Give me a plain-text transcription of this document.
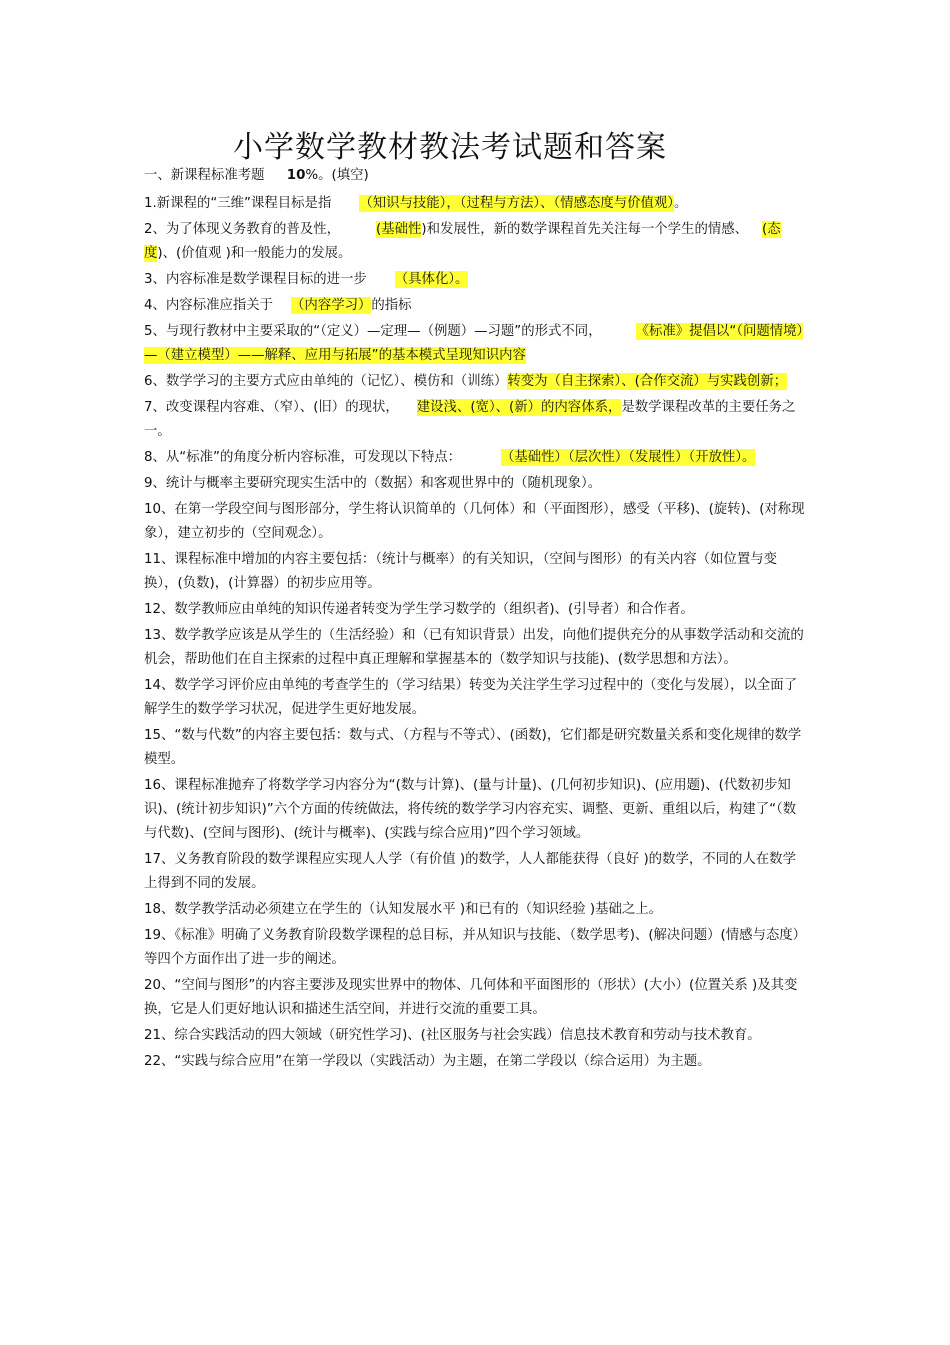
小学数学教材教法考试题和答案
一、新课程标准考题 10%。(填空)
1.新课程的“三维”课程目标是指 （知识与技能），（过程与方法）、（情感态度与价值观）。
2、为了体现义务教育的普及性，	(基础性)和发展性，新的数学课程首先关注每一个学生的情感、 (态度)、(价值观 )和一般能力的发展。
3、内容标准是数学课程目标的进一步 （具体化）。
4、内容标准应指关于 （内容学习）的指标
5、与现行教材中主要采取的“（定义）—定理—（例题）—习题”的形式不同，	《标准》提倡以“（问题情境）—（建立模型）——解释、应用与拓展”的基本模式呈现知识内容
6、数学学习的主要方式应由单纯的（记忆）、模仿和（训练）转变为（自主探索）、(合作交流）与实践创新；
7、改变课程内容难、（窄）、(旧）的现状， 建设浅、(宽）、(新）的内容体系，是数学课程改革的主要任务之一。
8、从“标准”的角度分析内容标准，可发现以下特点：	（基础性）（层次性）（发展性）（开放性）。
9、统计与概率主要研究现实生活中的（数据）和客观世界中的（随机现象）。
10、在第一学段空间与图形部分，学生将认识简单的（几何体）和（平面图形），感受（平移)、(旋转)、(对称现象），建立初步的（空间观念）。
11、课程标准中增加的内容主要包括：（统计与概率）的有关知识，（空间与图形）的有关内容（如位置与变换），(负数)，(计算器）的初步应用等。
12、数学教师应由单纯的知识传递者转变为学生学习数学的（组织者)、(引导者）和合作者。
13、数学教学应该是从学生的（生活经验）和（已有知识背景）出发，向他们提供充分的从事数学活动和交流的机会，帮助他们在自主探索的过程中真正理解和掌握基本的（数学知识与技能)、(数学思想和方法）。
14、数学学习评价应由单纯的考查学生的（学习结果）转变为关注学生学习过程中的（变化与发展），以全面了解学生的数学学习状况，促进学生更好地发展。
15、“数与代数”的内容主要包括：数与式、（方程与不等式）、(函数)，它们都是研究数量关系和变化规律的数学模型。
16、课程标准抛弃了将数学学习内容分为“(数与计算)、(量与计量)、(几何初步知识)、(应用题)、(代数初步知识)、(统计初步知识)”六个方面的传统做法，将传统的数学学习内容充实、调整、更新、重组以后，构建了“（数与代数)、(空间与图形)、(统计与概率)、(实践与综合应用)”四个学习领域。
17、义务教育阶段的数学课程应实现人人学（有价值 )的数学，人人都能获得（良好 )的数学，不同的人在数学上得到不同的发展。
18、数学教学活动必须建立在学生的（认知发展水平 )和已有的（知识经验 )基础之上。
19、《标准》明确了义务教育阶段数学课程的总目标，并从知识与技能、（数学思考)、(解决问题）(情感与态度）等四个方面作出了进一步的阐述。
20、“空间与图形”的内容主要涉及现实世界中的物体、几何体和平面图形的（形状）(大小）(位置关系 )及其变换，它是人们更好地认识和描述生活空间，并进行交流的重要工具。
21、综合实践活动的四大领域（研究性学习)、(社区服务与社会实践）信息技术教育和劳动与技术教育。
22、“实践与综合应用”在第一学段以（实践活动）为主题，在第二学段以（综合运用）为主题。
